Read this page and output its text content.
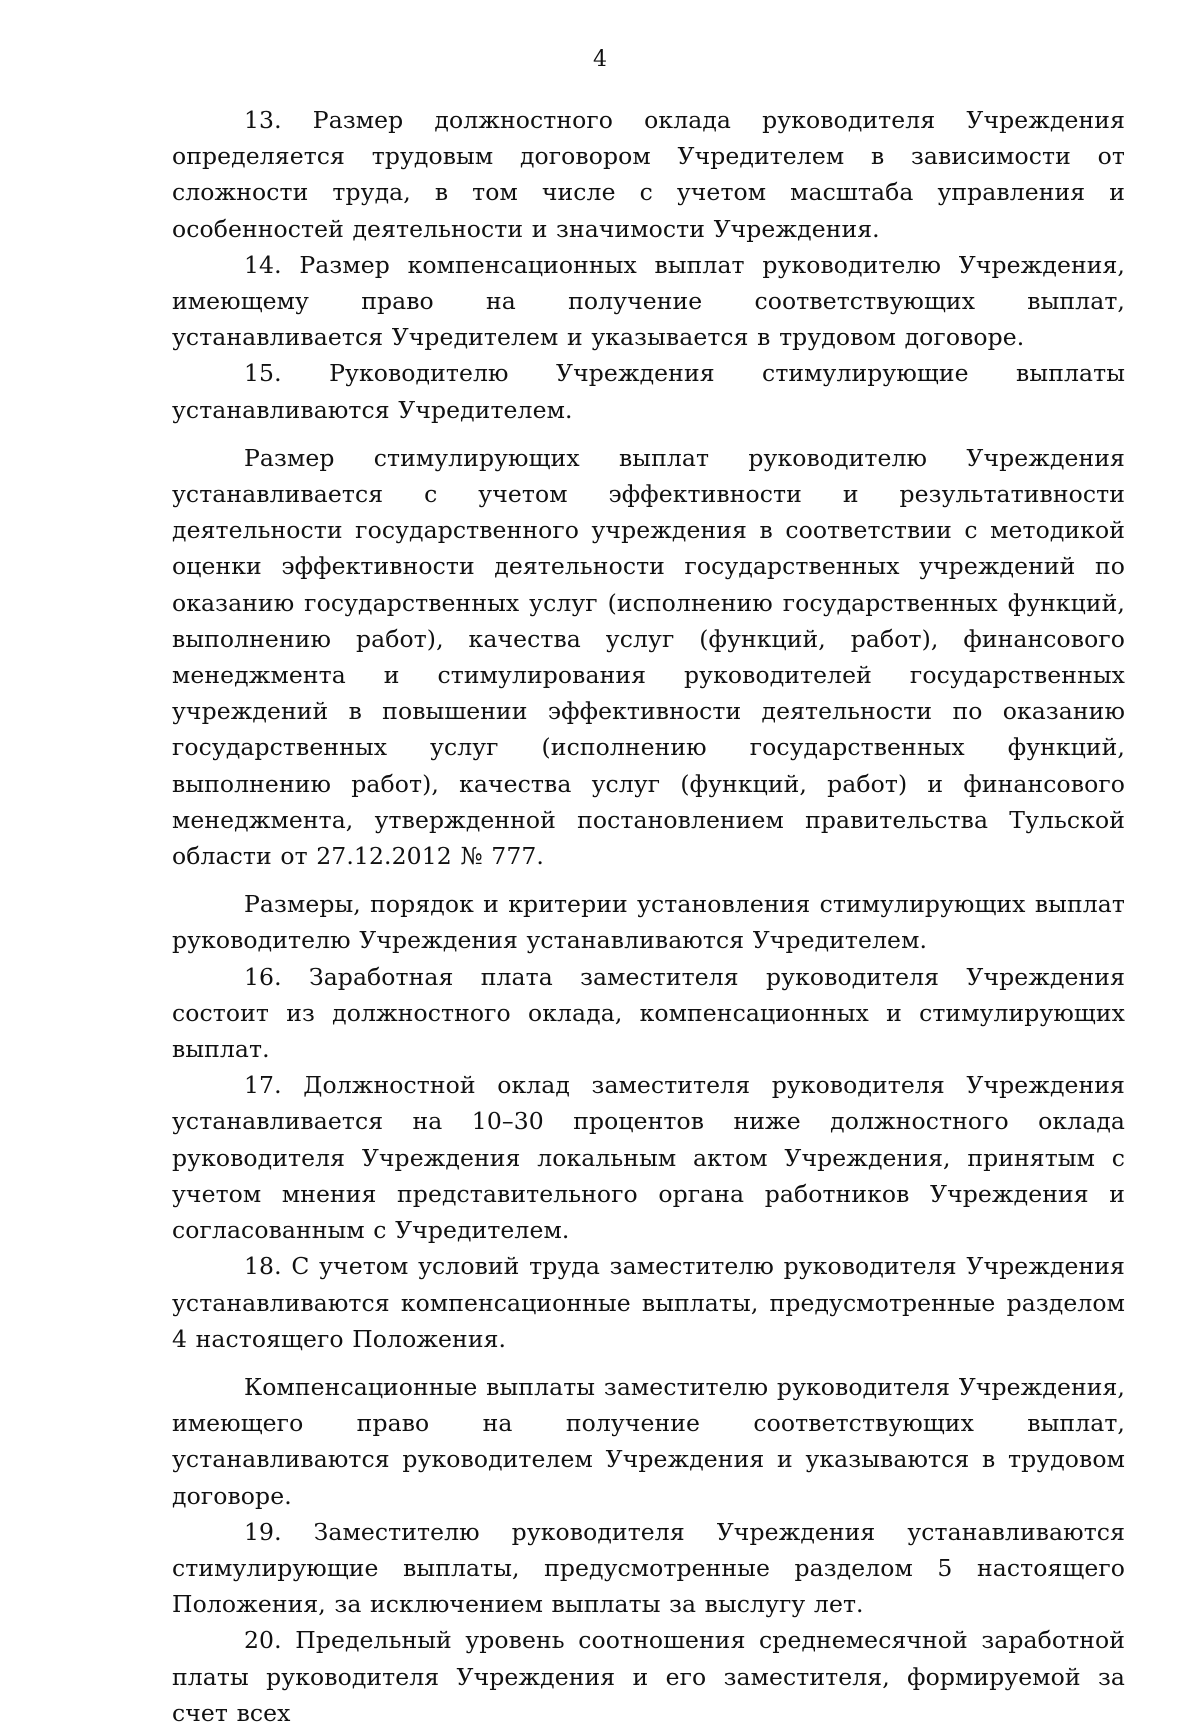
4

13. Размер должностного оклада руководителя Учреждения определяется трудовым договором Учредителем в зависимости от сложности труда, в том числе с учетом масштаба управления и особенностей деятельности и значимости Учреждения.

14. Размер компенсационных выплат руководителю Учреждения, имеющему право на получение соответствующих выплат, устанавливается Учредителем и указывается в трудовом договоре.

15. Руководителю Учреждения стимулирующие выплаты устанавливаются Учредителем.

Размер стимулирующих выплат руководителю Учреждения устанавливается с учетом эффективности и результативности деятельности государственного учреждения в соответствии с методикой оценки эффективности деятельности государственных учреждений по оказанию государственных услуг (исполнению государственных функций, выполнению работ), качества услуг (функций, работ), финансового менеджмента и стимулирования руководителей государственных учреждений в повышении эффективности деятельности по оказанию государственных услуг (исполнению государственных функций, выполнению работ), качества услуг (функций, работ) и финансового менеджмента, утвержденной постановлением правительства Тульской области от 27.12.2012 № 777.

Размеры, порядок и критерии установления стимулирующих выплат руководителю Учреждения устанавливаются Учредителем.

16. Заработная плата заместителя руководителя Учреждения состоит из должностного оклада, компенсационных и стимулирующих выплат.

17. Должностной оклад заместителя руководителя Учреждения устанавливается на 10–30 процентов ниже должностного оклада руководителя Учреждения локальным актом Учреждения, принятым с учетом мнения представительного органа работников Учреждения и согласованным с Учредителем.

18. С учетом условий труда заместителю руководителя Учреждения устанавливаются компенсационные выплаты, предусмотренные разделом 4 настоящего Положения.

Компенсационные выплаты заместителю руководителя Учреждения, имеющего право на получение соответствующих выплат, устанавливаются руководителем Учреждения и указываются в трудовом договоре.

19. Заместителю руководителя Учреждения устанавливаются стимулирующие выплаты, предусмотренные разделом 5 настоящего Положения, за исключением выплаты за выслугу лет.

20. Предельный уровень соотношения среднемесячной заработной платы руководителя Учреждения и его заместителя, формируемой за счет всех
